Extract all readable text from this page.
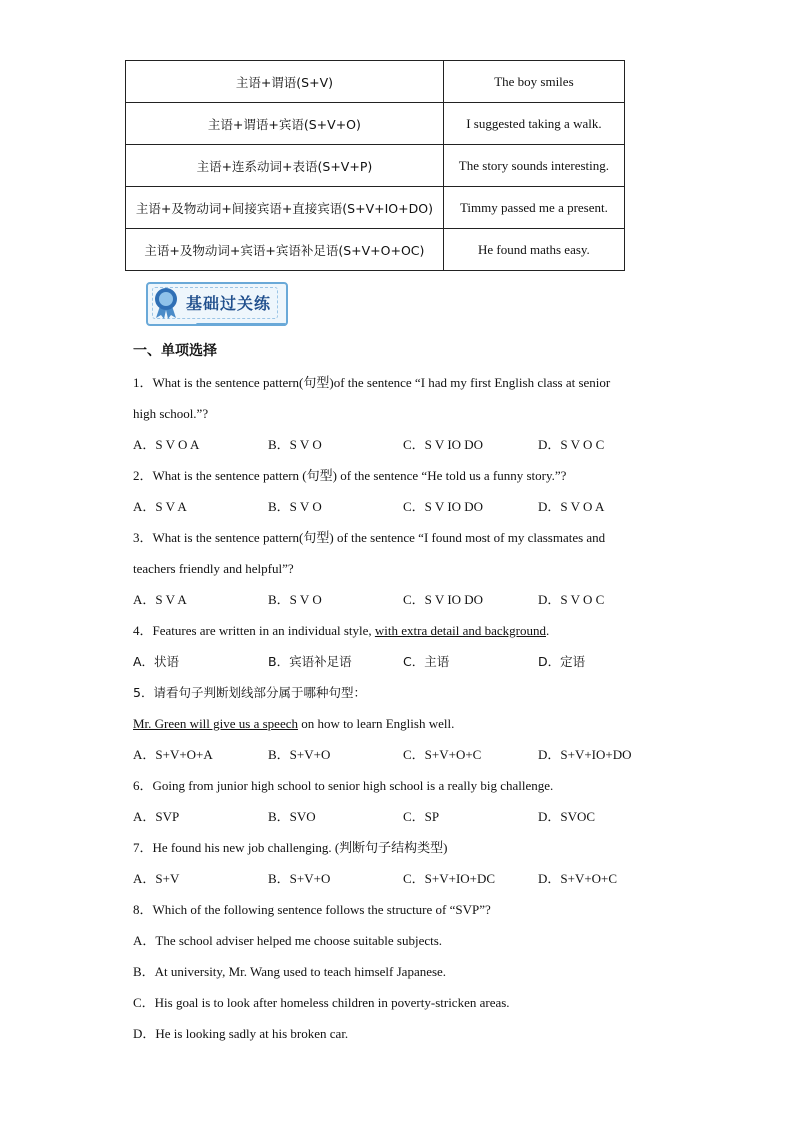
主语+谓语(S+V)	The boy smiles
主语+谓语+宾语(S+V+O)	I suggested taking a walk.
主语+连系动词+表语(S+V+P)	The story sounds interesting.
主语+及物动词+间接宾语+直接宾语(S+V+IO+DO)	Timmy passed me a present.
主语+及物动词+宾语+宾语补足语(S+V+O+OC)	He found maths easy.
基础过关练
一、单项选择
1．What is the sentence pattern(句型)of the sentence “I had my first English class at senior
high school.”?
A．S V O A	B．S V O	C．S V IO DO	D．S V O C
2．What is the sentence pattern (句型) of the sentence “He told us a funny story.”?
A．S V A	B．S V O	C．S V IO DO	D．S V O A
3．What is the sentence pattern(句型) of the sentence “I found most of my classmates and
teachers friendly and helpful”?
A．S V A	B．S V O	C．S V IO DO	D．S V O C
4．Features are written in an individual style, with extra detail and background.
A．状语	B．宾语补足语	C．主语	D．定语
5．请看句子判断划线部分属于哪种句型：
Mr. Green will give us a speech on how to learn English well.
A．S+V+O+A	B．S+V+O	C．S+V+O+C	D．S+V+IO+DO
6．Going from junior high school to senior high school is a really big challenge.
A．SVP	B．SVO	C．SP	D．SVOC
7．He found his new job challenging. (判断句子结构类型)
A．S+V	B．S+V+O	C．S+V+IO+DC	D．S+V+O+C
8．Which of the following sentence follows the structure of “SVP”?
A．The school adviser helped me choose suitable subjects.
B．At university, Mr. Wang used to teach himself Japanese.
C．His goal is to look after homeless children in poverty-stricken areas.
D．He is looking sadly at his broken car.
